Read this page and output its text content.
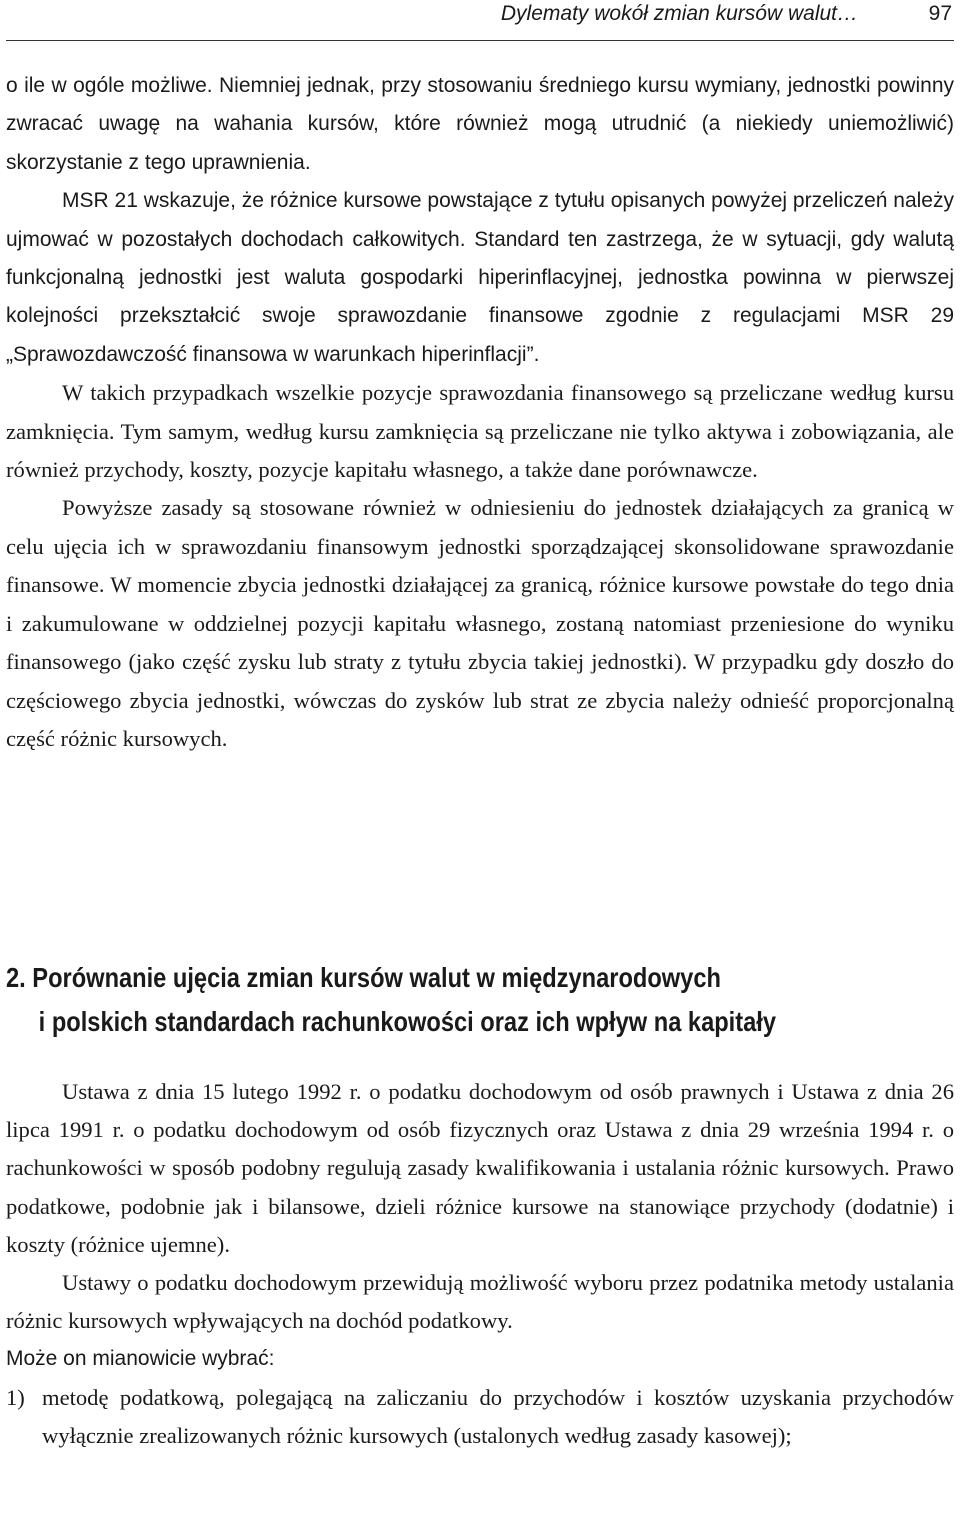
Dylematy wokół zmian kursów walut…	97

o ile w ogóle możliwe. Niemniej jednak, przy stosowaniu średniego kursu wymiany, jednostki powinny zwracać uwagę na wahania kursów, które również mogą utrudnić (a niekiedy uniemożliwić) skorzystanie z tego uprawnienia.

MSR 21 wskazuje, że różnice kursowe powstające z tytułu opisanych powyżej przeliczeń należy ujmować w pozostałych dochodach całkowitych. Standard ten zastrzega, że w sytuacji, gdy walutą funkcjonalną jednostki jest waluta gospodarki hiperinflacyjnej, jednostka powinna w pierwszej kolejności przekształcić swoje sprawozdanie finansowe zgodnie z regulacjami MSR 29 „Sprawozdawczość finansowa w warunkach hiperinflacji”.

W takich przypadkach wszelkie pozycje sprawozdania finansowego są przeliczane według kursu zamknięcia. Tym samym, według kursu zamknięcia są przeliczane nie tylko aktywa i zobowiązania, ale również przychody, koszty, pozycje kapitału własnego, a także dane porównawcze.

Powyższe zasady są stosowane również w odniesieniu do jednostek działających za granicą w celu ujęcia ich w sprawozdaniu finansowym jednostki sporządzającej skonsolidowane sprawozdanie finansowe. W momencie zbycia jednostki działającej za granicą, różnice kursowe powstałe do tego dnia i zakumulowane w oddzielnej pozycji kapitału własnego, zostaną natomiast przeniesione do wyniku finansowego (jako część zysku lub straty z tytułu zbycia takiej jednostki). W przypadku gdy doszło do częściowego zbycia jednostki, wówczas do zysków lub strat ze zbycia należy odnieść proporcjonalną część różnic kursowych.

2. Porównanie ujęcia zmian kursów walut w międzynarodowych
i polskich standardach rachunkowości oraz ich wpływ na kapitały

Ustawa z dnia 15 lutego 1992 r. o podatku dochodowym od osób prawnych i Ustawa z dnia 26 lipca 1991 r. o podatku dochodowym od osób fizycznych oraz Ustawa z dnia 29 września 1994 r. o rachunkowości w sposób podobny regulują zasady kwalifikowania i ustalania różnic kursowych. Prawo podatkowe, podobnie jak i bilansowe, dzieli różnice kursowe na stanowiące przychody (dodatnie) i koszty (różnice ujemne).

Ustawy o podatku dochodowym przewidują możliwość wyboru przez podatnika metody ustalania różnic kursowych wpływających na dochód podatkowy.

Może on mianowicie wybrać:

1) metodę podatkową, polegającą na zaliczaniu do przychodów i kosztów uzyskania przychodów wyłącznie zrealizowanych różnic kursowych (ustalonych według zasady kasowej);
